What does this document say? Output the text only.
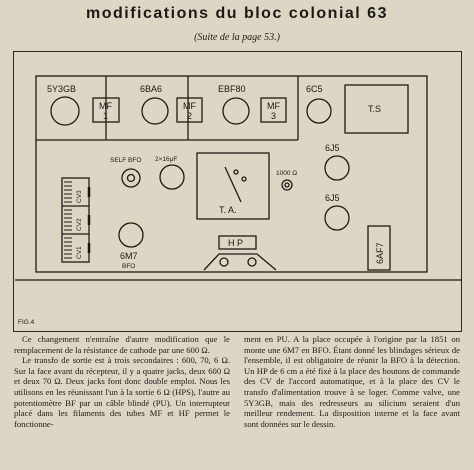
modifications du bloc colonial 63
(Suite de la page 53.)
5Y3GB	6BA6	EBF80	6C5
6J5
6J5
6M7	6AF7
MF
1
MF
2
MF
3
T.S
SELF BFO 2×16μF
1000 Ω
T. A.
H P
BFO
CV3
CV2
CV1
FIG.4

Ce changement n'entraîne d'autre modification que le remplacement de la résistance de cathode par une 600 Ω.

Le transfo de sortie est à trois secondaires : 600, 70, 6 Ω. Sur la face avant du récepteur, il y a quatre jacks, deux 600 Ω et deux 70 Ω. Deux jacks font donc double emploi. Nous les utilisons en les réunissant l'un à la sortie 6 Ω (HPS), l'autre au potentiomètre BF par un câble blindé (PU). Un interrupteur placé dans les filaments des tubes MF et HF permet le fonctionne-

ment en PU. A la place occupée à l'origine par la 1851 on monte une 6M7 en BFO. Étant donné les blindages sérieux de l'ensemble, il est obligatoire de réunir la BFO à la détection. Un HP de 6 cm a été fixé à la place des boutons de commande des CV de l'accord automatique, et à la place des CV le transfo d'alimentation trouve à se loger. Comme valve, une 5Y3GB, mais des redresseurs au silicium seraient d'un meilleur rendement. La disposition interne et la face avant sont données sur le dessin.
